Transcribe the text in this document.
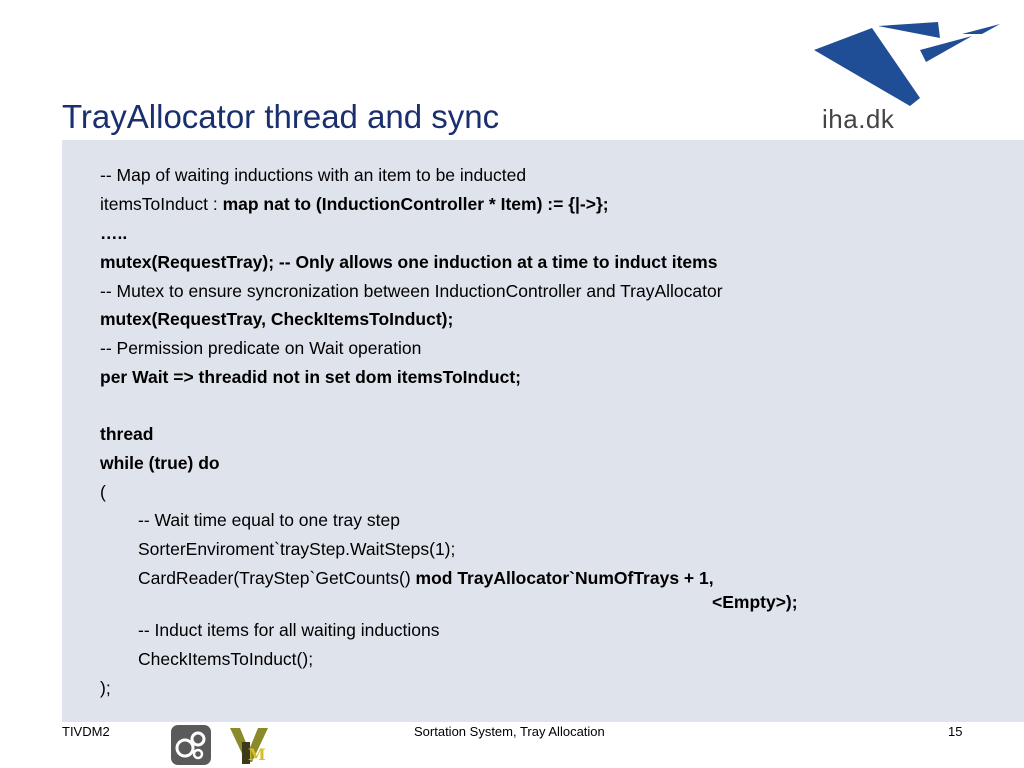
TrayAllocator thread and sync	iha.dk
-- Map of waiting inductions with an item to be inducted
itemsToInduct : map nat to (InductionController * Item) := {|->};
…..
mutex(RequestTray); -- Only allows one induction at a time to induct items
-- Mutex to ensure syncronization between InductionController and TrayAllocator
mutex(RequestTray, CheckItemsToInduct);
-- Permission predicate on Wait operation
per Wait => threadid not in set dom itemsToInduct;
thread
while (true) do
(
-- Wait time equal to one tray step
SorterEnviroment`trayStep.WaitSteps(1);
CardReader(TrayStep`GetCounts() mod TrayAllocator`NumOfTrays + 1,
<Empty>);
-- Induct items for all waiting inductions
CheckItemsToInduct();
);
TIVDM2
M
Sortation System, Tray Allocation	15
